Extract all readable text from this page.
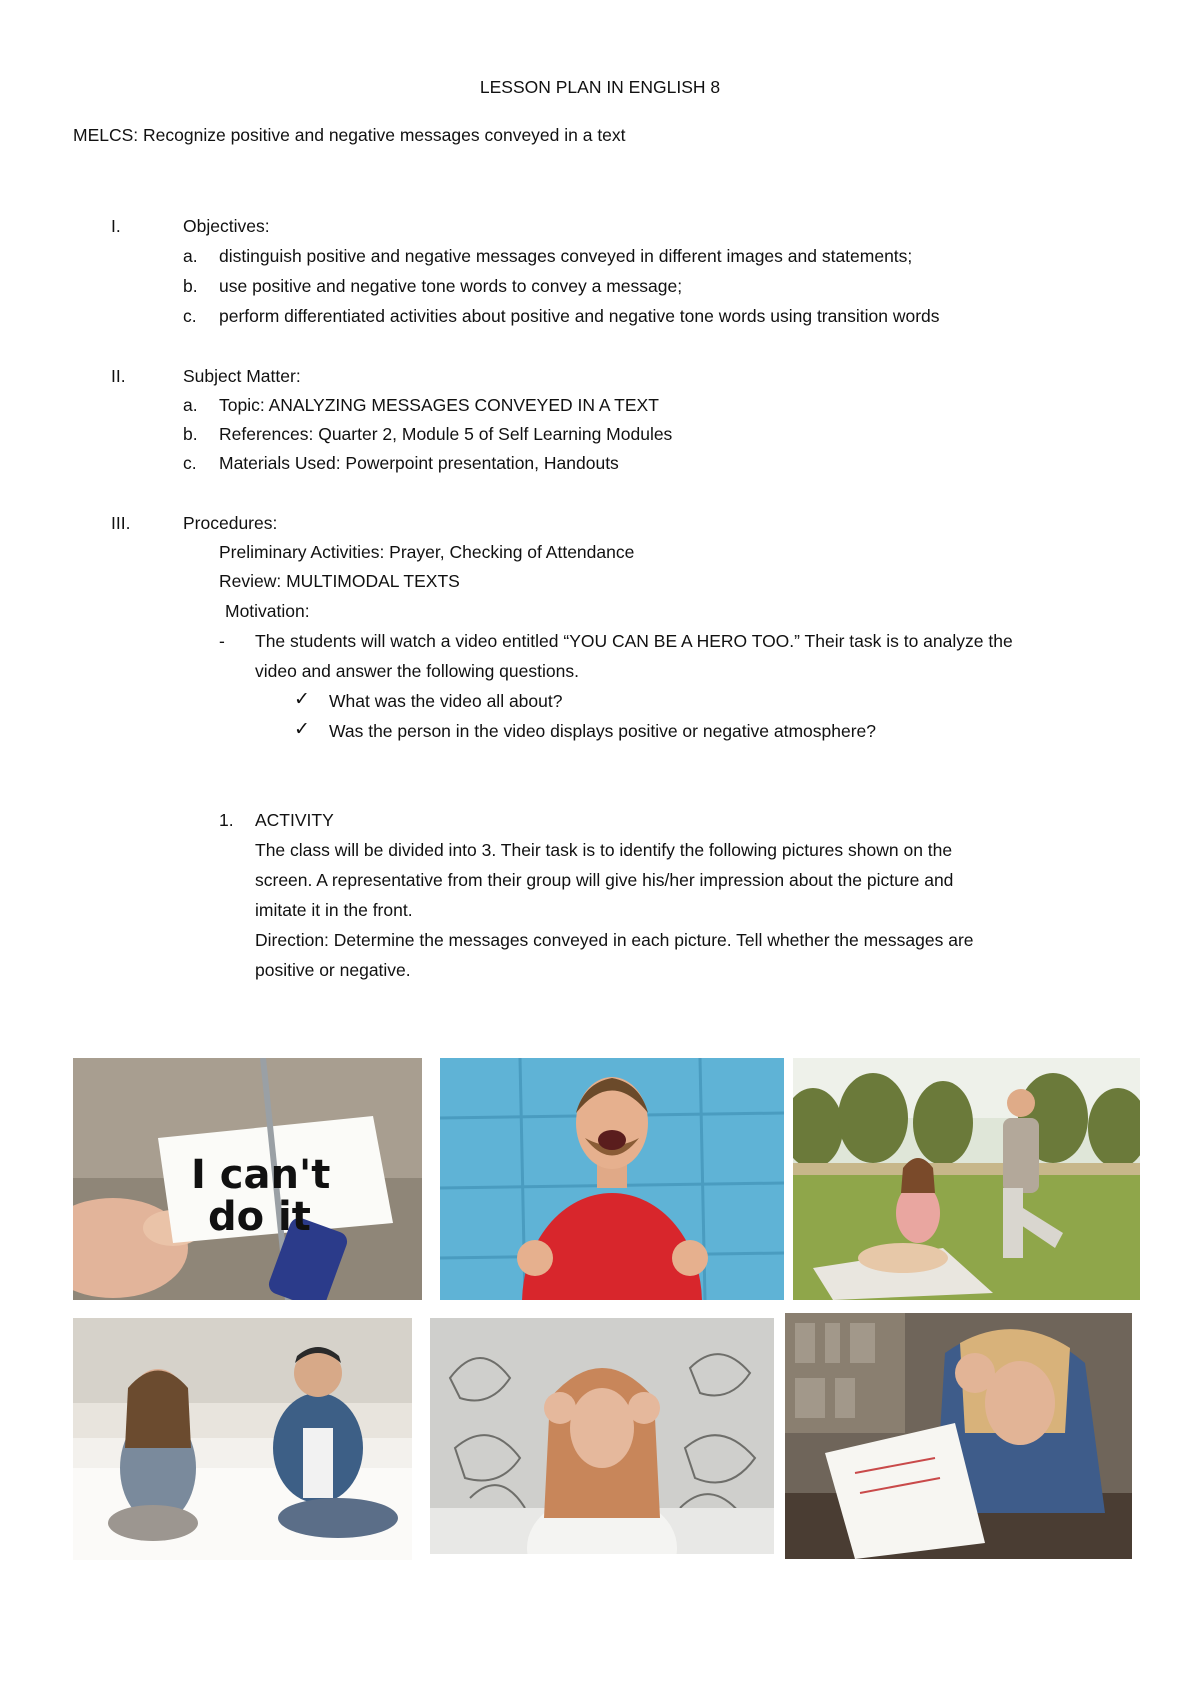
LESSON PLAN IN ENGLISH 8
MELCS: Recognize positive and negative messages conveyed in a text
I.	Objectives:
a. distinguish positive and negative messages conveyed in different images and statements;
b. use positive and negative tone words to convey a message;
c. perform differentiated activities about positive and negative tone words using transition words
II.	Subject Matter:
a. Topic: ANALYZING MESSAGES CONVEYED IN A TEXT
b. References: Quarter 2, Module 5 of Self Learning Modules
c. Materials Used: Powerpoint presentation, Handouts
III.	Procedures:
Preliminary Activities: Prayer, Checking of Attendance
Review: MULTIMODAL TEXTS
Motivation:
- The students will watch a video entitled “YOU CAN BE A HERO TOO.” Their task is to analyze the
video and answer the following questions.
✓ What was the video all about?
✓ Was the person in the video displays positive or negative atmosphere?
1. ACTIVITY
The class will be divided into 3. Their task is to identify the following pictures shown on the
screen. A representative from their group will give his/her impression about the picture and
imitate it in the front.
Direction: Determine the messages conveyed in each picture. Tell whether the messages are
positive or negative.
I can't
do it
